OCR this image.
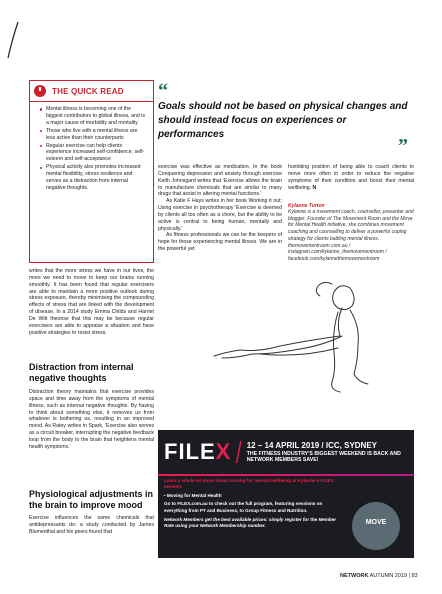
THE QUICK READ
Mental illness is becoming one of the biggest contributors to global illness, and is a major cause of morbidity and mortality
Those who live with a mental illness are less active than their counterparts
Regular exercise can help clients experience increased self-confidence, self-esteem and self-acceptance
Physical activity also promotes increased mental flexibility, stress resilience and serves as a distraction from internal negative thoughts.
writes that the more stress we have in our lives, the more we need to move to keep our brains running smoothly. It has been found that regular exercisers are able to maintain a more positive outlook during stress exposure, thereby minimising the compounding effects of stress that are linked with the development of disease. In a 2014 study Emma Childs and Harriet De Witt theorise that this may be because regular exercisers are able to appraise a situation and have positive strategies to resist stress.
Distraction from internal negative thoughts
Distraction theory maintains that exercise provides space and time away from the symptoms of mental illness, such as internal negative thoughts. By having to think about something else, it removes us from whatever is bothering us, resulting in an improved mood. As Ratey writes in Spark, 'Exercise also serves as a circuit breaker, interrupting the negative feedback loop from the body to the brain that heightens mental health symptoms.'
Physiological adjustments in the brain to improve mood
Exercise influences the same chemicals that antidepressants do: a study conducted by James Blumenthal and his peers found that
“
Goals should not be based on physical changes and should instead focus on experiences or performances
”
exercise was effective as medication. In the book Conquering depression and anxiety through exercise Keith Johnsgard writes that 'Exercise allows the brain to manufacture chemicals that are similar to many drugs that assist in altering mental functions.'
As Katie F Hays writes in her book Working it out: Using exercise in psychotherapy 'Exercise is deemed by clients all too often as a chore, but the ability to be active is central to being human, mentally and physically.'
As fitness professionals we can be the keepers of hope for those experiencing mental illness. We are in the powerful yet
humbling position of being able to coach clients to move more often in order to reduce the negative symptoms of their condition and boost their mental wellbeing. N
Kylanne Turton
Kylanne is a movement coach, counsellor, presenter and blogger. Founder of The Movement Room and the Move for Mental Health initiative, she combines movement coaching and counselling to deliver a powerful coping strategy for clients battling mental illness. themovementroom.com.au / instagram.com/kylanne_themovementroom / facebook.com/kylannethemovementroom
FILEX 12 – 14 APRIL 2019 / ICC, SYDNEY
THE FITNESS INDUSTRY'S BIGGEST WEEKEND IS BACK AND NETWORK MEMBERS SAVE!
Learn a whole lot more about moving for mental wellbeing at Kylanne's FILEX session:
• Moving for Mental Health
Go to FILEX.com.au to check out the full program, featuring sessions on everything from PT and Business, to Group Fitness and Nutrition.
Network Members get the best available prices: simply register for the Member Rate using your Network Membership number.	MOVE
NETWORK AUTUMN 2019 | 83
